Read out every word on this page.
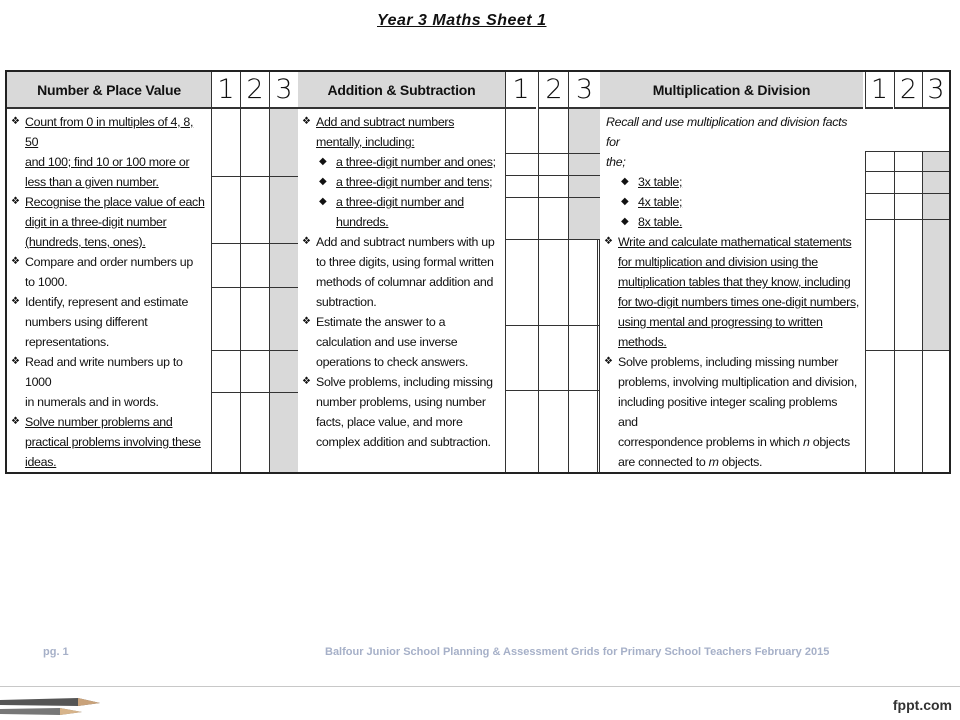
Year 3 Maths Sheet 1
Number & Place Value	1 2 3
❖ Count from 0 in multiples of 4, 8, 50
and 100; find 10 or 100 more or
less than a given number.
❖ Recognise the place value of each
digit in a three-digit number
(hundreds, tens, ones).
❖ Compare and order numbers up
to 1000.
❖ Identify, represent and estimate
numbers using different
representations.
❖ Read and write numbers up to 1000
in numerals and in words.
❖ Solve number problems and
practical problems involving these
ideas.
Addition & Subtraction	1 2 3
❖ Add and subtract numbers
mentally, including:
◆ a three-digit number and ones;
◆ a three-digit number and tens;
◆ a three-digit number and
hundreds.
❖ Add and subtract numbers with up
to three digits, using formal written
methods of columnar addition and
subtraction.
❖ Estimate the answer to a
calculation and use inverse
operations to check answers.
❖ Solve problems, including missing
number problems, using number
facts, place value, and more
complex addition and subtraction.
Multiplication & Division	1 2 3
Recall and use multiplication and division facts for
the;
◆ 3x table;
◆ 4x table;
◆ 8x table.
❖ Write and calculate mathematical statements
for multiplication and division using the
multiplication tables that they know, including
for two-digit numbers times one-digit numbers,
using mental and progressing to written
methods.
❖ Solve problems, including missing number
problems, involving multiplication and division,
including positive integer scaling problems and
correspondence problems in which n objects
are connected to m objects.
pg. 1	Balfour Junior School Planning & Assessment Grids for Primary School Teachers February 2015
fppt.com
